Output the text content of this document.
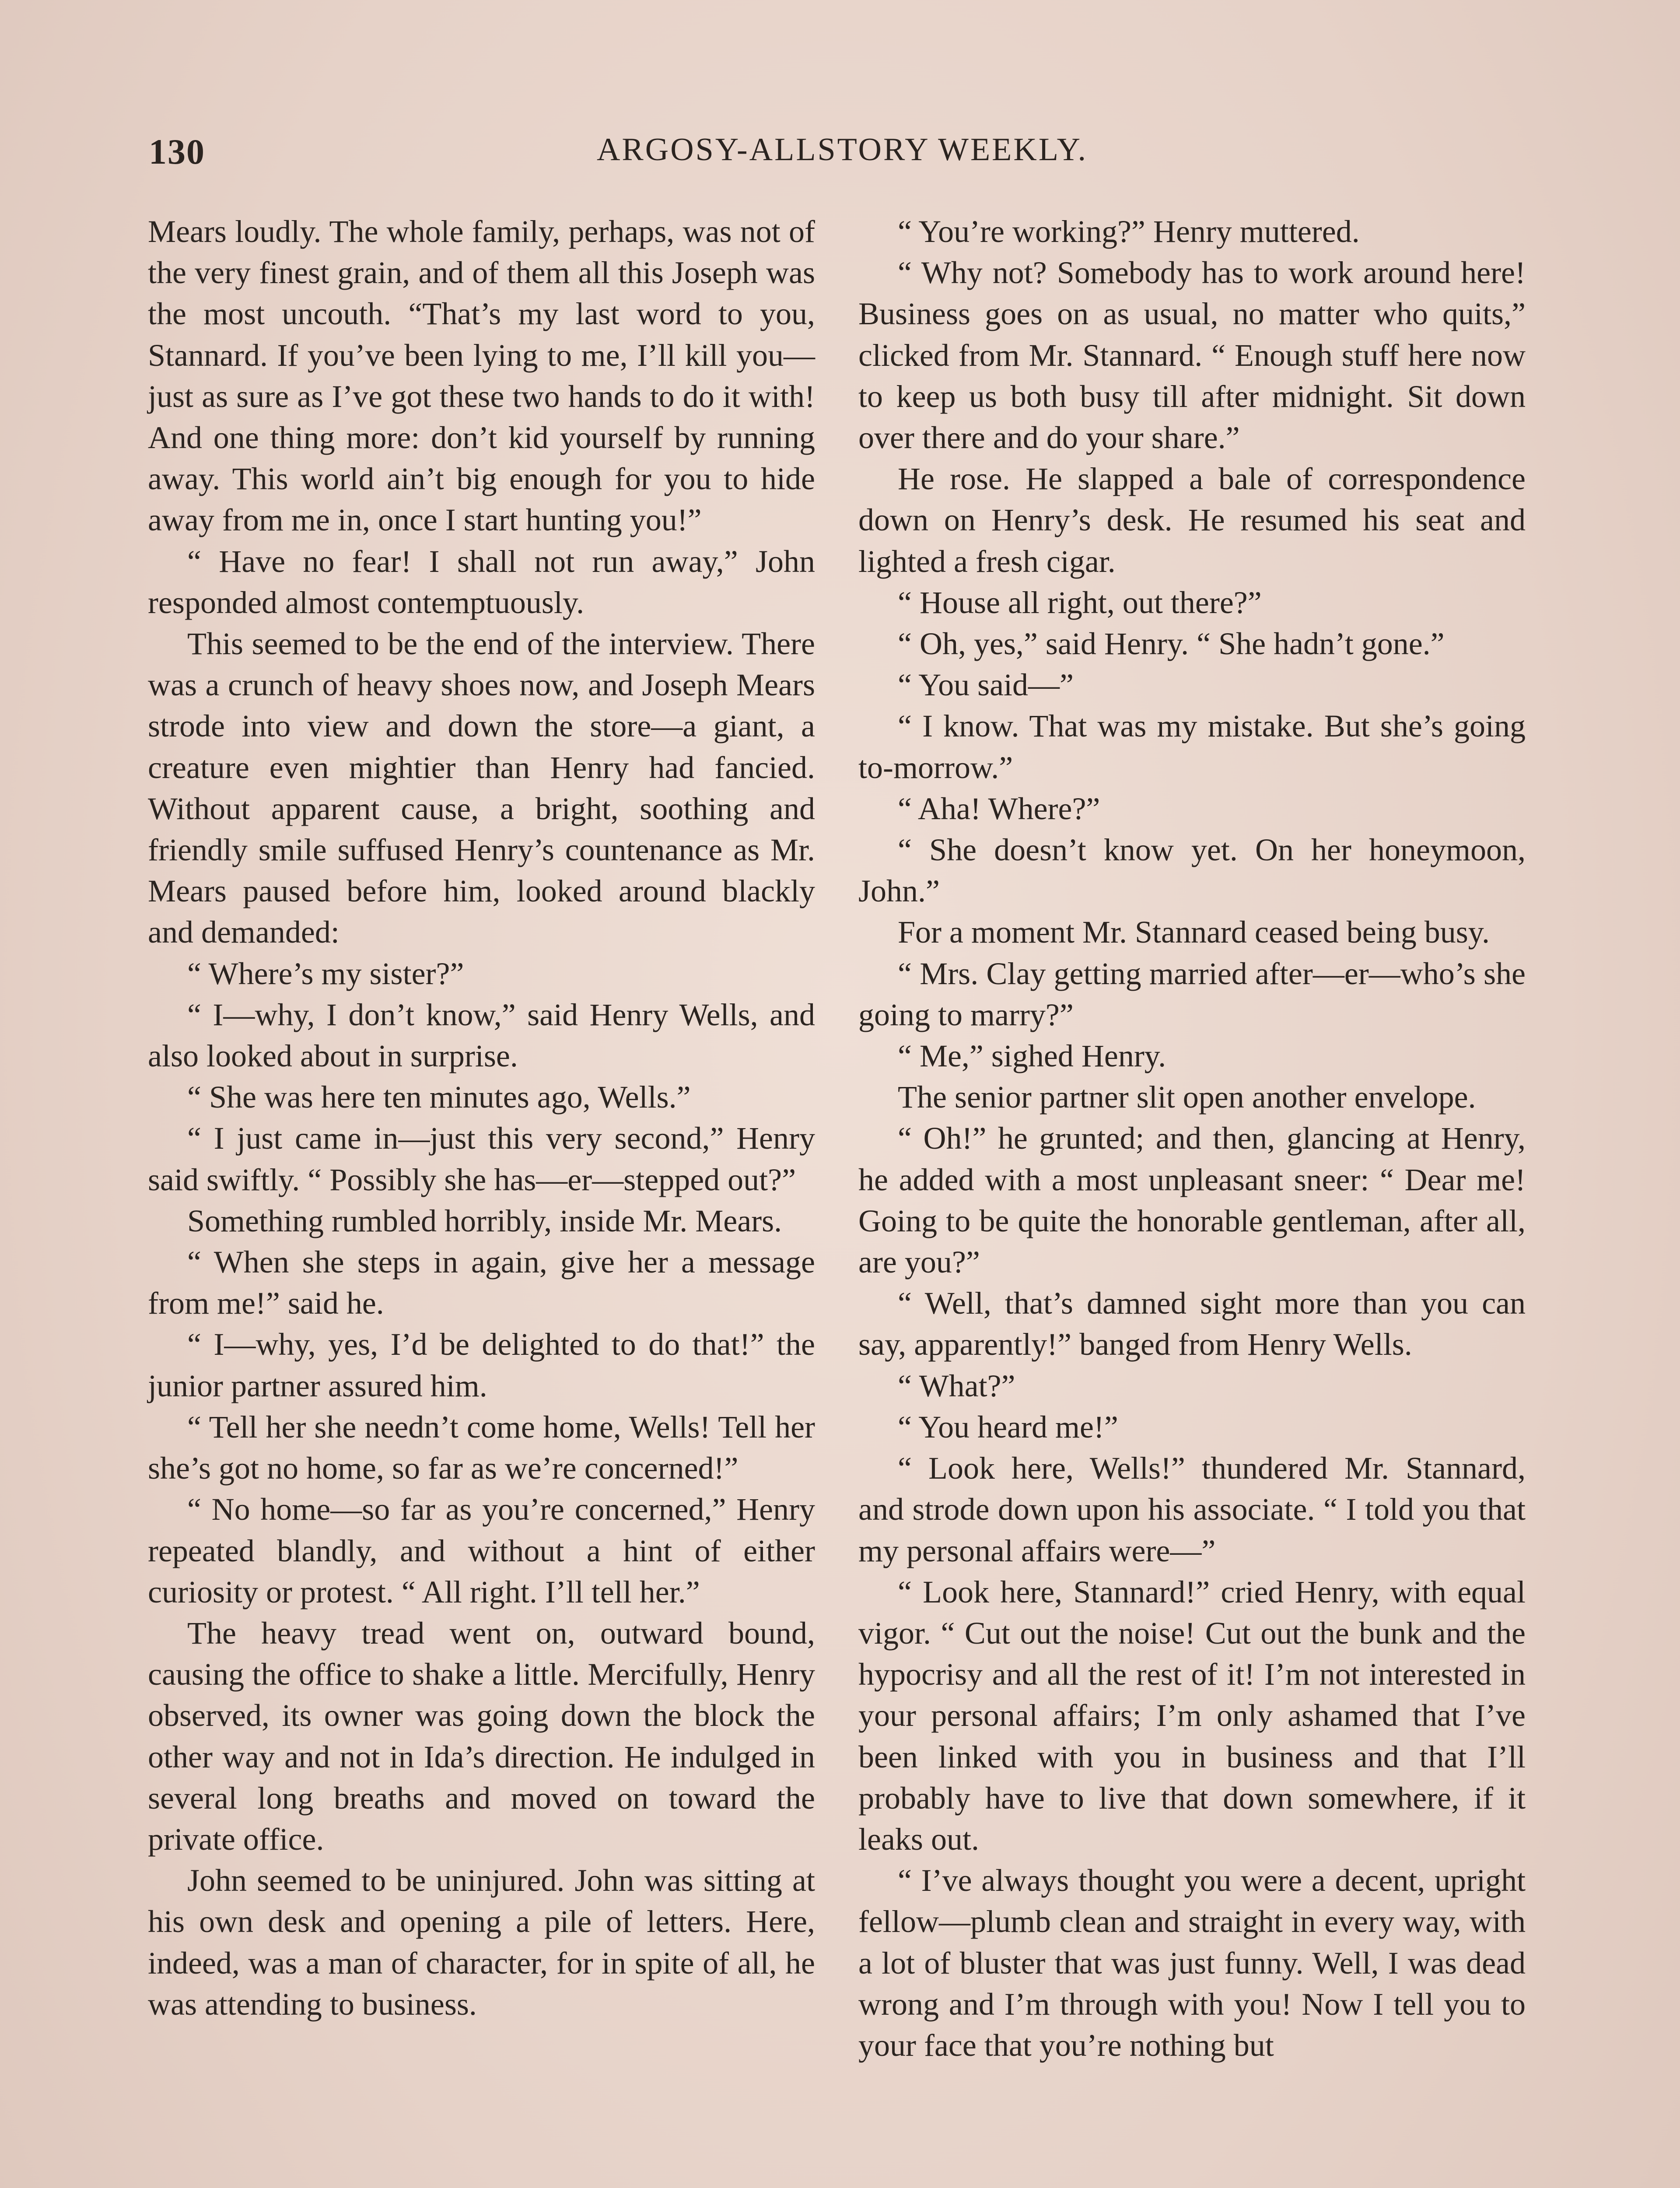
130	ARGOSY-ALLSTORY WEEKLY.

Mears loudly. The whole family, perhaps, was not of the very finest grain, and of them all this Joseph was the most uncouth. “That’s my last word to you, Stannard. If you’ve been lying to me, I’ll kill you—just as sure as I’ve got these two hands to do it with! And one thing more: don’t kid yourself by running away. This world ain’t big enough for you to hide away from me in, once I start hunting you!”

“ Have no fear! I shall not run away,” John responded almost contemptuously.

This seemed to be the end of the interview. There was a crunch of heavy shoes now, and Joseph Mears strode into view and down the store—a giant, a creature even mightier than Henry had fancied. Without apparent cause, a bright, soothing and friendly smile suffused Henry’s countenance as Mr. Mears paused before him, looked around blackly and demanded:

“ Where’s my sister?”

“ I—why, I don’t know,” said Henry Wells, and also looked about in surprise.

“ She was here ten minutes ago, Wells.”

“ I just came in—just this very second,” Henry said swiftly. “ Possibly she has—er—stepped out?”

Something rumbled horribly, inside Mr. Mears.

“ When she steps in again, give her a message from me!” said he.

“ I—why, yes, I’d be delighted to do that!” the junior partner assured him.

“ Tell her she needn’t come home, Wells! Tell her she’s got no home, so far as we’re concerned!”

“ No home—so far as you’re concerned,” Henry repeated blandly, and without a hint of either curiosity or protest. “ All right. I’ll tell her.”

The heavy tread went on, outward bound, causing the office to shake a little. Mercifully, Henry observed, its owner was going down the block the other way and not in Ida’s direction. He indulged in several long breaths and moved on toward the private office.

John seemed to be uninjured. John was sitting at his own desk and opening a pile of letters. Here, indeed, was a man of character, for in spite of all, he was attending to business.

“ You’re working?” Henry muttered.

“ Why not? Somebody has to work around here! Business goes on as usual, no matter who quits,” clicked from Mr. Stannard. “ Enough stuff here now to keep us both busy till after midnight. Sit down over there and do your share.”

He rose. He slapped a bale of correspondence down on Henry’s desk. He resumed his seat and lighted a fresh cigar.

“ House all right, out there?”

“ Oh, yes,” said Henry. “ She hadn’t gone.”

“ You said—”

“ I know. That was my mistake. But she’s going to-morrow.”

“ Aha! Where?”

“ She doesn’t know yet. On her honeymoon, John.”

For a moment Mr. Stannard ceased being busy.

“ Mrs. Clay getting married after—er—who’s she going to marry?”

“ Me,” sighed Henry.

The senior partner slit open another envelope.

“ Oh!” he grunted; and then, glancing at Henry, he added with a most unpleasant sneer: “ Dear me! Going to be quite the honorable gentleman, after all, are you?”

“ Well, that’s damned sight more than you can say, apparently!” banged from Henry Wells.

“ What?”

“ You heard me!”

“ Look here, Wells!” thundered Mr. Stannard, and strode down upon his associate. “ I told you that my personal affairs were—”

“ Look here, Stannard!” cried Henry, with equal vigor. “ Cut out the noise! Cut out the bunk and the hypocrisy and all the rest of it! I’m not interested in your personal affairs; I’m only ashamed that I’ve been linked with you in business and that I’ll probably have to live that down somewhere, if it leaks out.

“ I’ve always thought you were a decent, upright fellow—plumb clean and straight in every way, with a lot of bluster that was just funny. Well, I was dead wrong and I’m through with you! Now I tell you to your face that you’re nothing but
